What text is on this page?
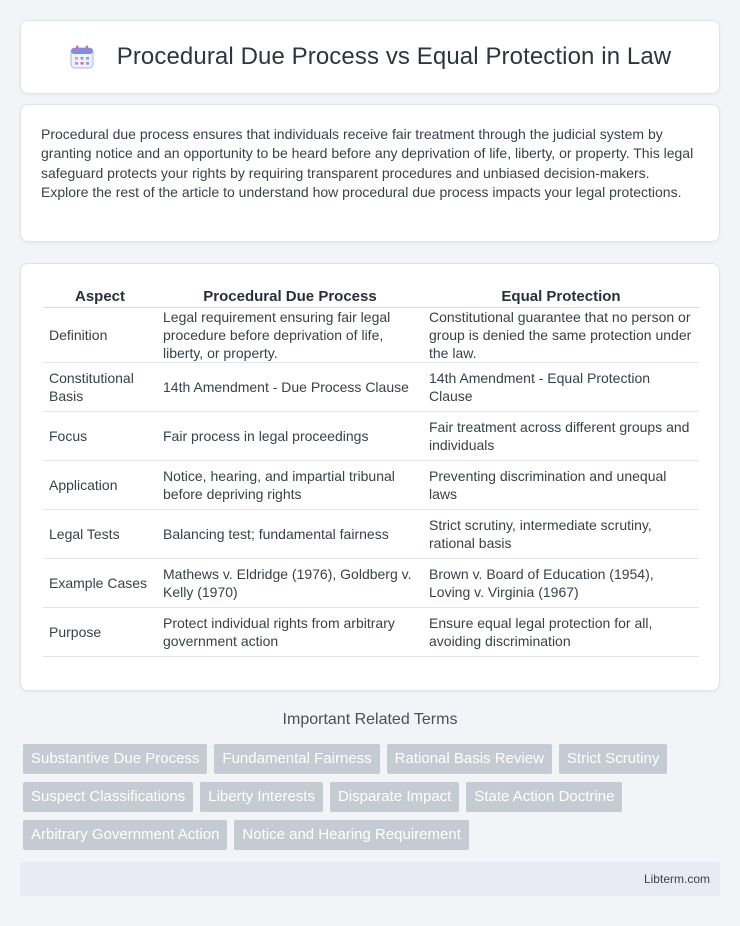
Procedural Due Process vs Equal Protection in Law

Procedural due process ensures that individuals receive fair treatment through the judicial system by granting notice and an opportunity to be heard before any deprivation of life, liberty, or property. This legal safeguard protects your rights by requiring transparent procedures and unbiased decision-makers. Explore the rest of the article to understand how procedural due process impacts your legal protections.

Aspect	Procedural Due Process	Equal Protection
Definition	Legal requirement ensuring fair legal procedure before deprivation of life, liberty, or property.	Constitutional guarantee that no person or group is denied the same protection under the law.
Constitutional Basis	14th Amendment - Due Process Clause	14th Amendment - Equal Protection Clause
Focus	Fair process in legal proceedings	Fair treatment across different groups and individuals
Application	Notice, hearing, and impartial tribunal before depriving rights	Preventing discrimination and unequal laws
Legal Tests	Balancing test; fundamental fairness	Strict scrutiny, intermediate scrutiny, rational basis
Example Cases	Mathews v. Eldridge (1976), Goldberg v. Kelly (1970)	Brown v. Board of Education (1954), Loving v. Virginia (1967)
Purpose	Protect individual rights from arbitrary government action	Ensure equal legal protection for all, avoiding discrimination
Important Related Terms
Substantive Due Process	Fundamental Fairness	Rational Basis Review	Strict Scrutiny
Suspect Classifications	Liberty Interests	Disparate Impact	State Action Doctrine
Arbitrary Government Action	Notice and Hearing Requirement
Libterm.com
